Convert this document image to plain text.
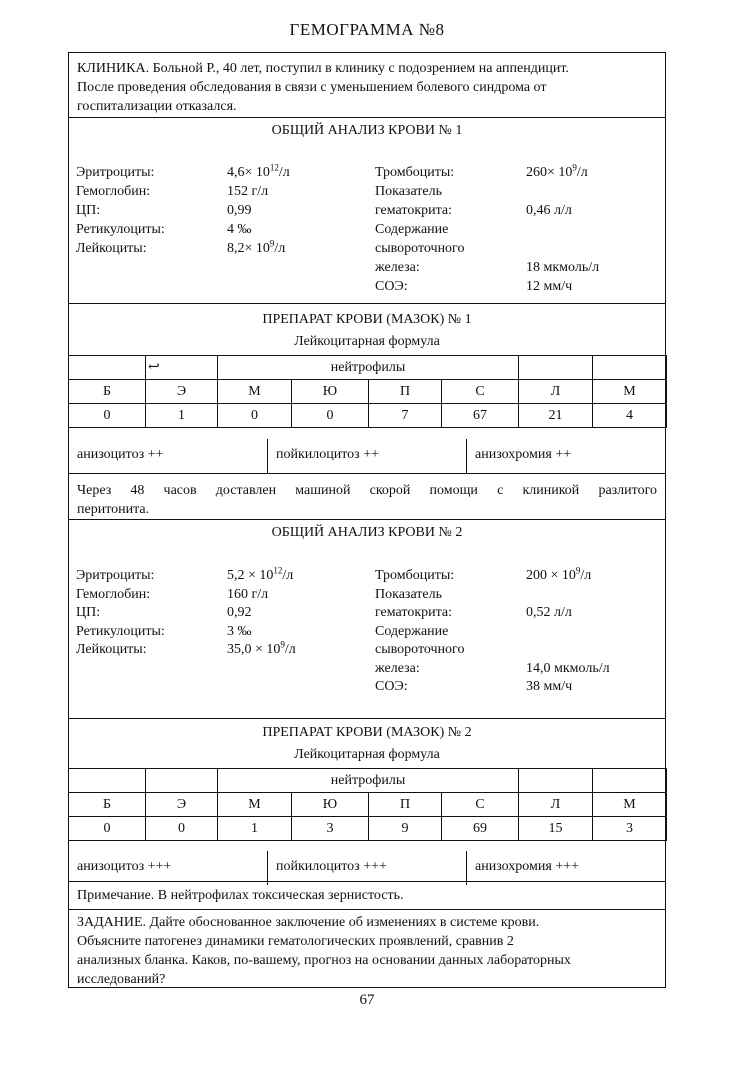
ГЕМОГРАММА №8
КЛИНИКА. Больной Р., 40 лет, поступил в клинику с подозрением на аппендицит.
После проведения обследования в связи с уменьшением болевого синдрома от
госпитализации отказался.
ОБЩИЙ АНАЛИЗ КРОВИ № 1
Эритроциты:	$4,6\times 10^{12}/л$
Гемоглобин:	152 г/л
ЦП:	0,99
Ретикулоциты:	4 ‰
Лейкоциты:	$8,2\times 10^9/л$
Тромбоциты:	$260\times 10^9/л$
Показатель
гематокрита:	0,46 л/л
Содержание
сывороточного
железа:	18 мкмоль/л
СОЭ:	12 мм/ч
ПРЕПАРАТ КРОВИ (МАЗОК) № 1
Лейкоцитарная формула
	↩	нейтрофилы					
Б	Э	М	Ю	П	С	Л	М
0	1	0	0	7	67	21	4
анизоцитоз ++	пойкилоцитоз ++	анизохромия ++
Через 48 часов доставлен машиной скорой помощи с клиникой разлитого
перитонита.
ОБЩИЙ АНАЛИЗ КРОВИ № 2
Эритроциты:	$5,2 \times 10^{12}/л$
Гемоглобин:	160 г/л
ЦП:	0,92
Ретикулоциты:	3 ‰
Лейкоциты:	$35,0 \times 10^9/л$
Тромбоциты:	$200 \times 10^9/л$
Показатель
гематокрита:	0,52 л/л
Содержание
сывороточного
железа:	14,0 мкмоль/л
СОЭ:	38 мм/ч
ПРЕПАРАТ КРОВИ (МАЗОК) № 2
Лейкоцитарная формула
		нейтрофилы					
Б	Э	М	Ю	П	С	Л	М
0	0	1	3	9	69	15	3
анизоцитоз +++	пойкилоцитоз +++	анизохромия +++
Примечание. В нейтрофилах токсическая зернистость.
ЗАДАНИЕ. Дайте обоснованное заключение об изменениях в системе крови.
Объясните патогенез динамики гематологических проявлений, сравнив 2
анализных бланка. Каков, по-вашему, прогноз на основании данных лабораторных
исследований?
67
